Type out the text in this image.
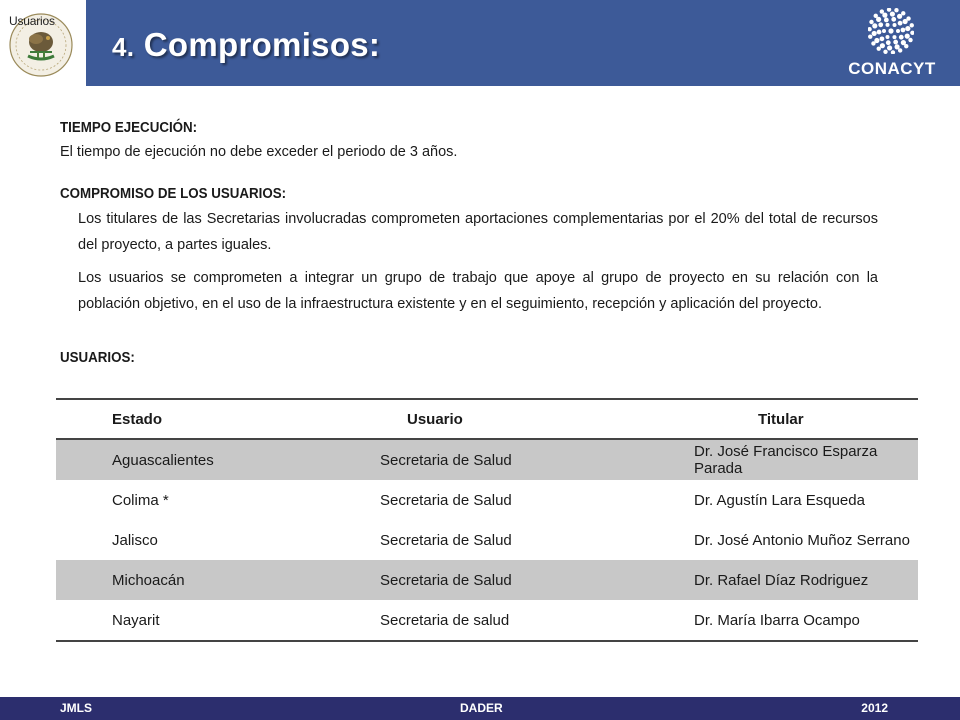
Usuarios
4. Compromisos:
CONACYT
TIEMPO EJECUCIÓN:
El tiempo de ejecución no debe exceder el periodo de 3 años.
COMPROMISO DE LOS USUARIOS:
Los titulares de las Secretarias involucradas comprometen aportaciones complementarias por el 20% del total de recursos del proyecto, a partes iguales.
Los usuarios se comprometen a integrar un grupo de trabajo que apoye al grupo de proyecto en su relación con la población objetivo, en el uso de la infraestructura existente y en el seguimiento, recepción y aplicación del proyecto.
USUARIOS:
Estado	Usuario	Titular
Aguascalientes	Secretaria de Salud	Dr. José Francisco Esparza Parada
Colima *	Secretaria de Salud	Dr. Agustín Lara Esqueda
Jalisco	Secretaria de Salud	Dr. José Antonio Muñoz Serrano
Michoacán	Secretaria de Salud	Dr. Rafael Díaz Rodriguez
Nayarit	Secretaria de salud	Dr. María Ibarra Ocampo
JMLS	DADER	2012
